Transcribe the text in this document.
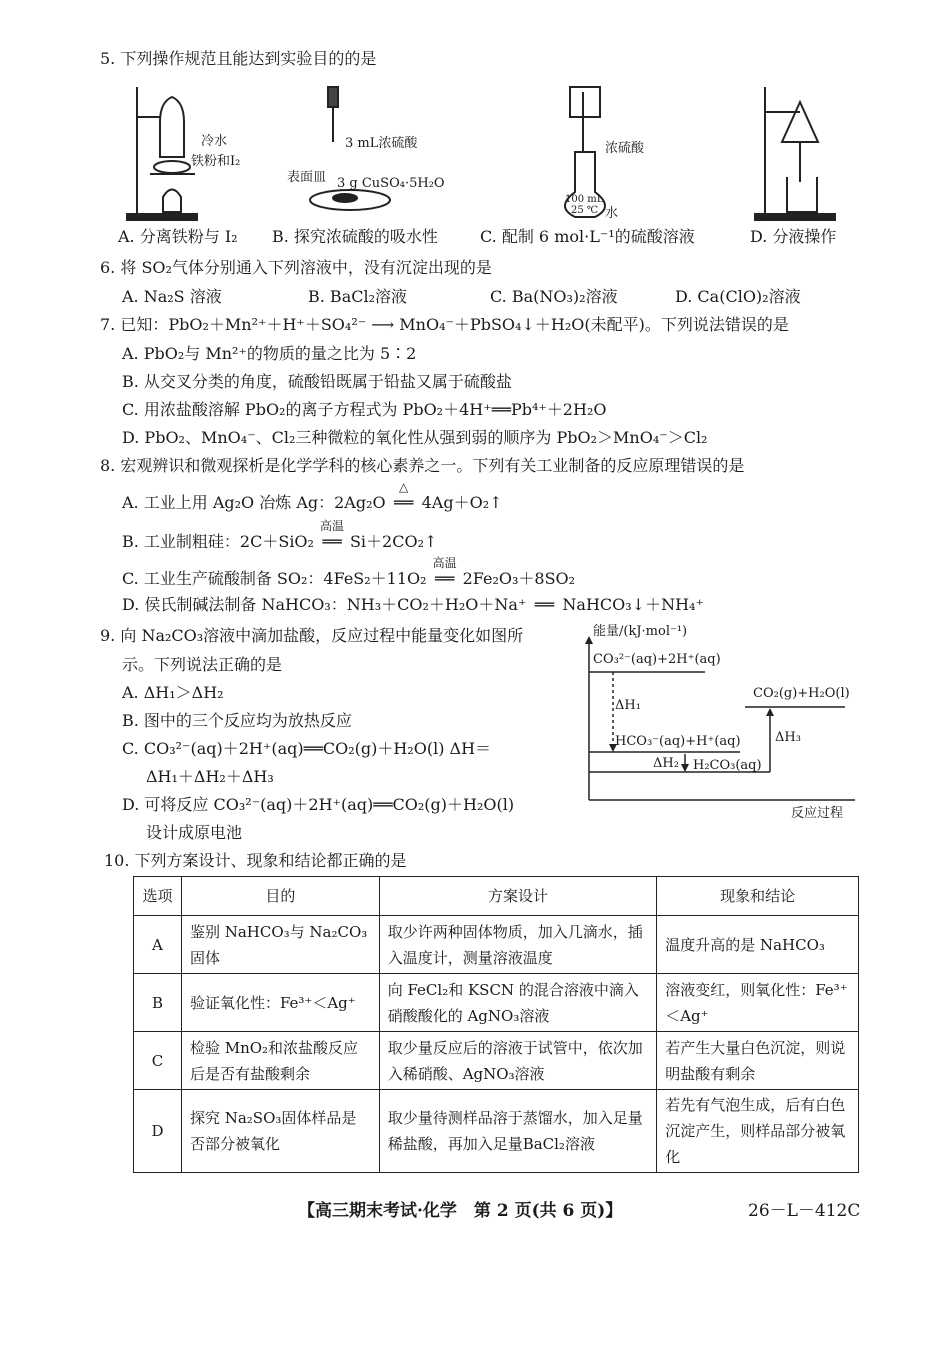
5. 下列操作规范且能达到实验目的的是
冷水
铁粉和I₂
3 mL浓硫酸
表面皿 3 g CuSO₄·5H₂O
浓硫酸
100 mL
25 ℃ 水
A. 分离铁粉与 I₂ B. 探究浓硫酸的吸水性	C. 配制 6 mol·L⁻¹的硫酸溶液	D. 分液操作
6. 将 SO₂气体分别通入下列溶液中，没有沉淀出现的是
A. Na₂S 溶液	B. BaCl₂溶液	C. Ba(NO₃)₂溶液	D. Ca(ClO)₂溶液
7. 已知：PbO₂＋Mn²⁺＋H⁺＋SO₄²⁻ ⟶ MnO₄⁻＋PbSO₄↓＋H₂O(未配平)。下列说法错误的是
A. PbO₂与 Mn²⁺的物质的量之比为 5∶2
B. 从交叉分类的角度，硫酸铅既属于铅盐又属于硫酸盐
C. 用浓盐酸溶解 PbO₂的离子方程式为 PbO₂＋4H⁺══Pb⁴⁺＋2H₂O
D. PbO₂、MnO₄⁻、Cl₂三种微粒的氧化性从强到弱的顺序为 PbO₂＞MnO₄⁻＞Cl₂
8. 宏观辨识和微观探析是化学学科的核心素养之一。下列有关工业制备的反应原理错误的是
A. 工业上用 Ag₂O 冶炼 Ag：2Ag₂O
△
══ 4Ag＋O₂↑
B. 工业制粗硅：2C＋SiO₂
高温
══ Si＋2CO₂↑
C. 工业生产硫酸制备 SO₂：4FeS₂＋11O₂
高温
══ 2Fe₂O₃＋8SO₂
D. 侯氏制碱法制备 NaHCO₃：NH₃＋CO₂＋H₂O＋Na⁺ ══ NaHCO₃↓＋NH₄⁺
9. 向 Na₂CO₃溶液中滴加盐酸，反应过程中能量变化如图所
示。下列说法正确的是
A. ΔH₁＞ΔH₂
B. 图中的三个反应均为放热反应
C. CO₃²⁻(aq)＋2H⁺(aq)══CO₂(g)＋H₂O(l) ΔH＝
ΔH₁＋ΔH₂＋ΔH₃
D. 可将反应 CO₃²⁻(aq)＋2H⁺(aq)══CO₂(g)＋H₂O(l)
设计成原电池
能量/(kJ·mol⁻¹)
CO₃²⁻(aq)+2H⁺(aq)
ΔH₁
HCO₃⁻(aq)+H⁺(aq)
ΔH₂ H₂CO₃(aq)
CO₂(g)+H₂O(l)
ΔH₃
反应过程
10. 下列方案设计、现象和结论都正确的是
选项	目的	方案设计	现象和结论
A	鉴别 NaHCO₃与 Na₂CO₃固体	取少许两种固体物质，加入几滴水，插入温度计，测量溶液温度	温度升高的是 NaHCO₃
B	验证氧化性：Fe³⁺＜Ag⁺	向 FeCl₂和 KSCN 的混合溶液中滴入硝酸酸化的 AgNO₃溶液	溶液变红，则氧化性：Fe³⁺＜Ag⁺
C	检验 MnO₂和浓盐酸反应后是否有盐酸剩余	取少量反应后的溶液于试管中，依次加入稀硝酸、AgNO₃溶液	若产生大量白色沉淀，则说明盐酸有剩余
D	探究 Na₂SO₃固体样品是否部分被氧化	取少量待测样品溶于蒸馏水，加入足量稀盐酸，再加入足量BaCl₂溶液	若先有气泡生成，后有白色沉淀产生，则样品部分被氧化
【高三期末考试·化学　第 2 页(共 6 页)】	26－L－412C
